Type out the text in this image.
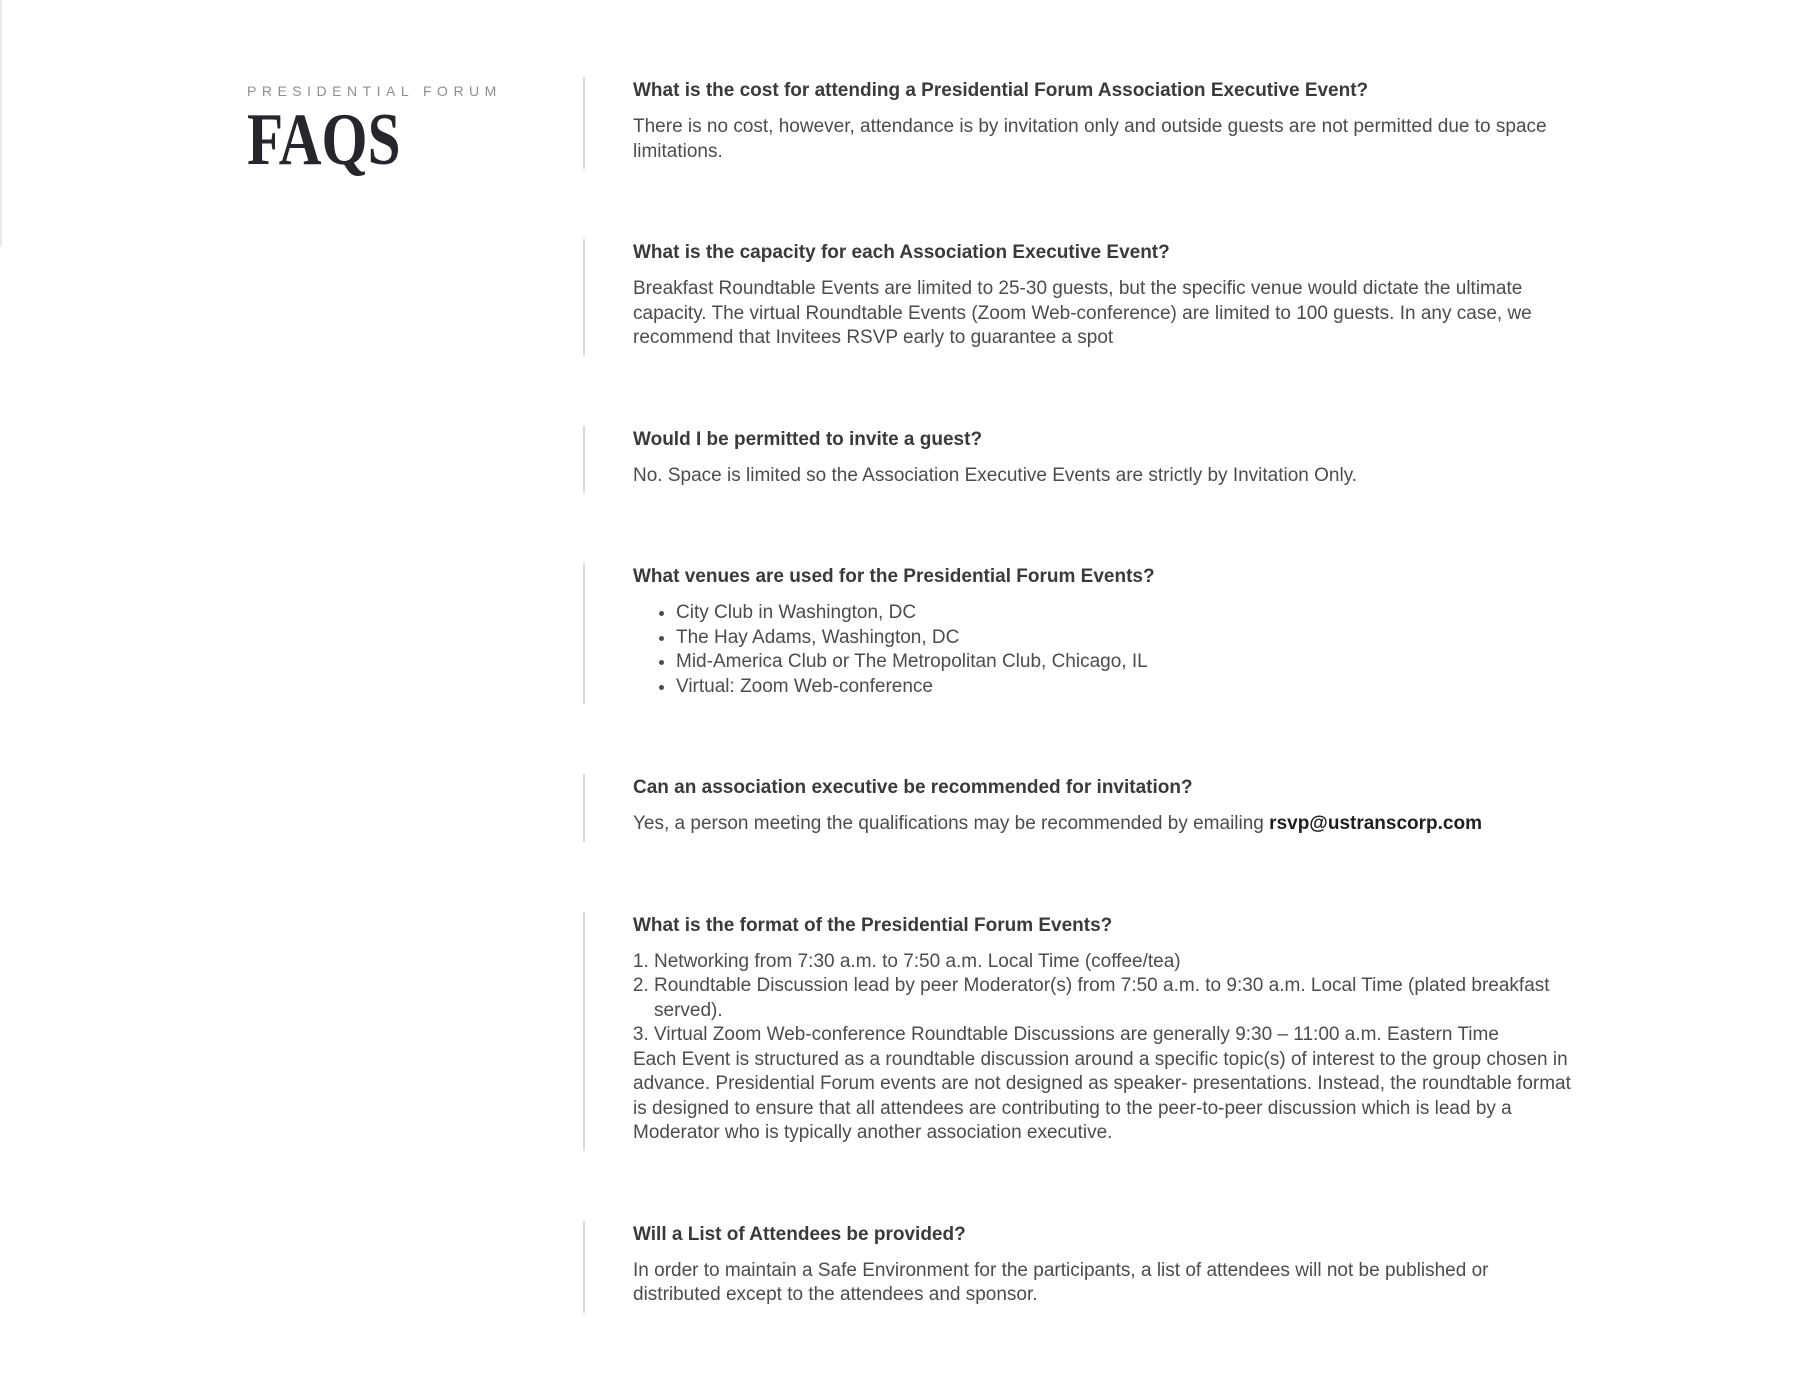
PRESIDENTIAL FORUM
FAQS
What is the cost for attending a Presidential Forum Association Executive Event?

There is no cost, however, attendance is by invitation only and outside guests are not permitted due to space limitations.

What is the capacity for each Association Executive Event?

Breakfast Roundtable Events are limited to 25-30 guests, but the specific venue would dictate the ultimate capacity. The virtual Roundtable Events (Zoom Web-conference) are limited to 100 guests. In any case, we recommend that Invitees RSVP early to guarantee a spot

Would I be permitted to invite a guest?

No. Space is limited so the Association Executive Events are strictly by Invitation Only.

What venues are used for the Presidential Forum Events?
• City Club in Washington, DC
• The Hay Adams, Washington, DC
• Mid-America Club or The Metropolitan Club, Chicago, IL
• Virtual: Zoom Web-conference
Can an association executive be recommended for invitation?

Yes, a person meeting the qualifications may be recommended by emailing rsvp@ustranscorp.com

What is the format of the Presidential Forum Events?
1. Networking from 7:30 a.m. to 7:50 a.m. Local Time (coffee/tea)
2. Roundtable Discussion lead by peer Moderator(s) from 7:50 a.m. to 9:30 a.m. Local Time (plated breakfast served).
3. Virtual Zoom Web-conference Roundtable Discussions are generally 9:30 – 11:00 a.m. Eastern Time

Each Event is structured as a roundtable discussion around a specific topic(s) of interest to the group chosen in advance. Presidential Forum events are not designed as speaker- presentations. Instead, the roundtable format is designed to ensure that all attendees are contributing to the peer-to-peer discussion which is lead by a Moderator who is typically another association executive.

Will a List of Attendees be provided?

In order to maintain a Safe Environment for the participants, a list of attendees will not be published or distributed except to the attendees and sponsor.
